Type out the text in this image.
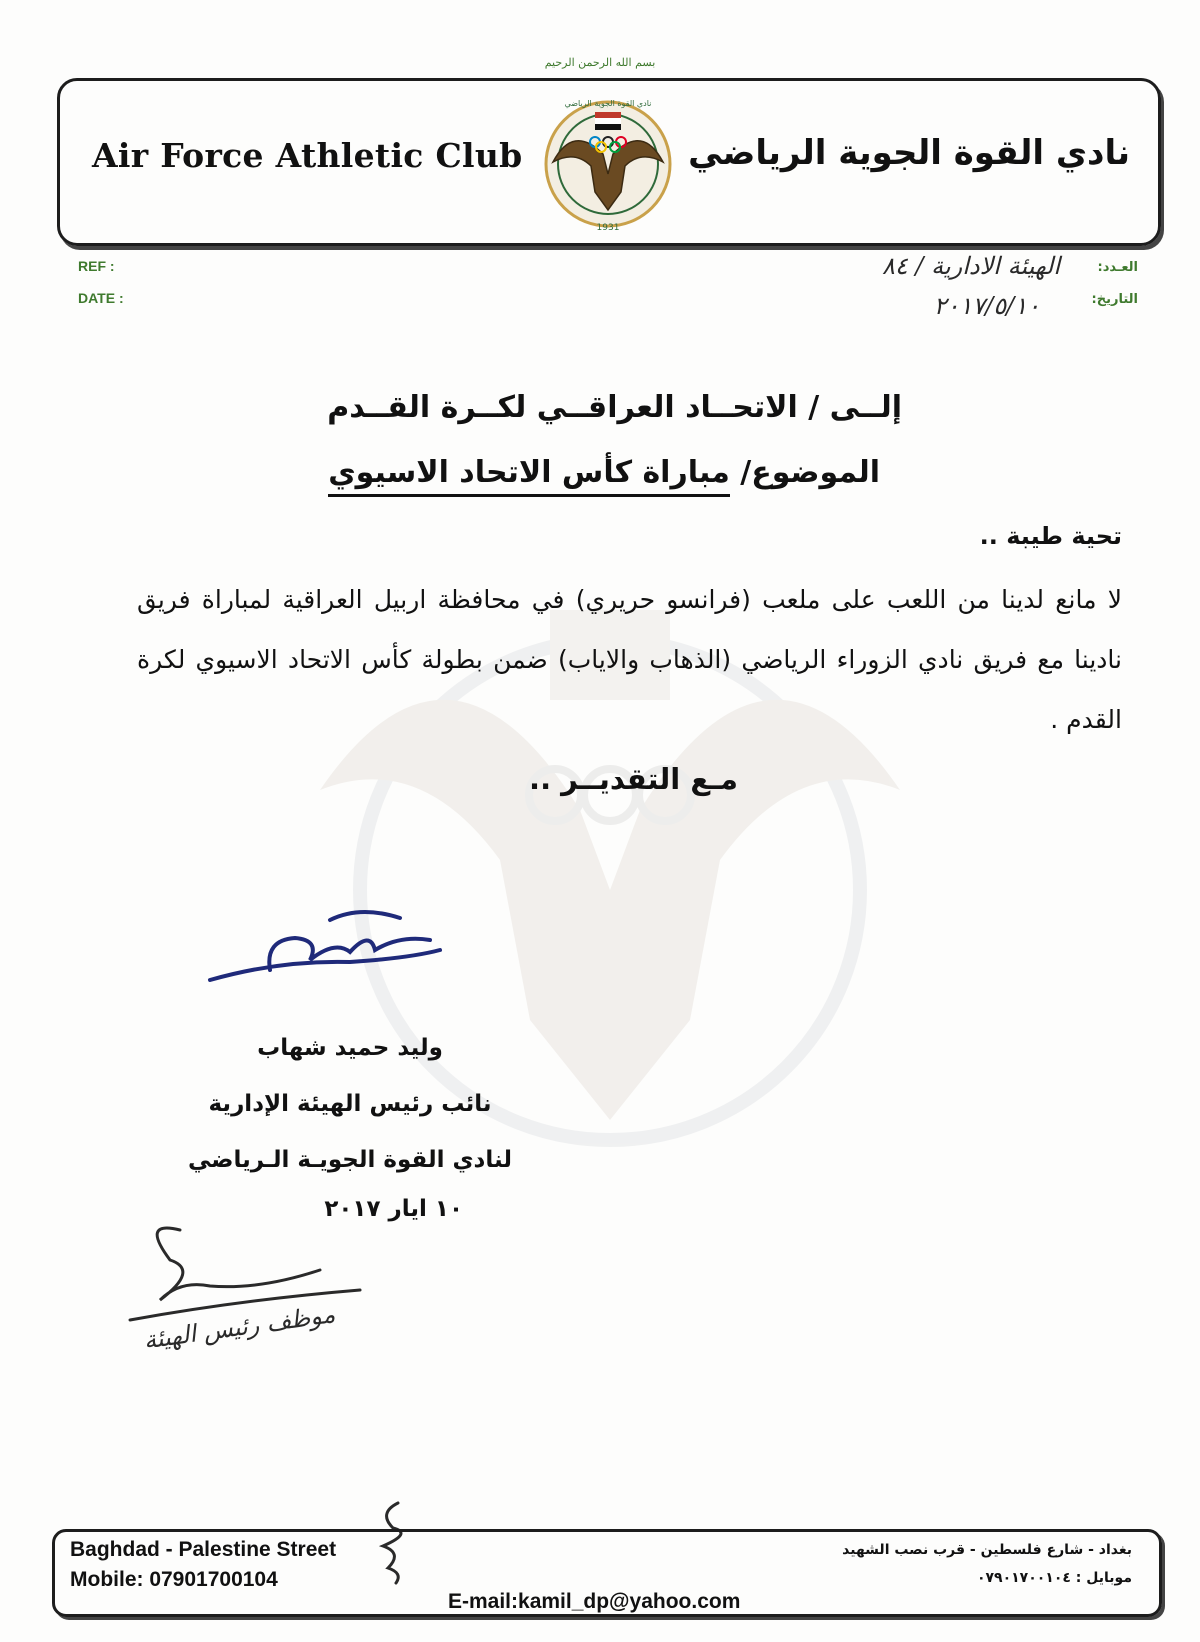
بسم الله الرحمن الرحيم
Air Force Athletic Club	نادي القوة الجوية الرياضي
نادي القوة الجوية الرياضي
1931
REF :
DATE :
العـدد:
التاريخ:
الهيئة الادارية / ٨٤
٢٠١٧/٥/١٠
إلــى / الاتحــاد العراقــي لكــرة القــدم
الموضوع/ مباراة كأس الاتحاد الاسيوي
تحية طيبة ..
لا مانع لدينا من اللعب على ملعب (فرانسو حريري) في محافظة اربيل العراقية لمباراة فريق نادينا مع فريق نادي الزوراء الرياضي (الذهاب والاياب) ضمن بطولة كأس الاتحاد الاسيوي لكرة القدم .
مـع التقديــر ..
وليد حميد شهاب
نائب رئيس الهيئة الإدارية
لنادي القوة الجويـة الـرياضي
١٠ ايار ٢٠١٧
موظف رئيس الهيئة
Baghdad - Palestine Street
Mobile: 07901700104
بغداد - شارع فلسطين - قرب نصب الشهيد
موبايل : ٠٧٩٠١٧٠٠١٠٤
E-mail:kamil_dp@yahoo.com
